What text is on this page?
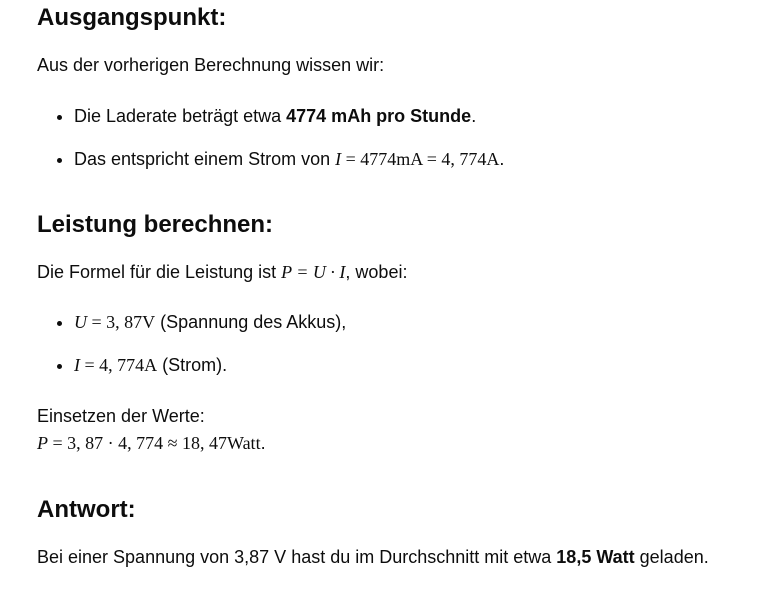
Ausgangspunkt:

Aus der vorherigen Berechnung wissen wir:

• Die Laderate beträgt etwa 4774 mAh pro Stunde.
• Das entspricht einem Strom von I = 4774mA = 4, 774A.
Leistung berechnen:

Die Formel für die Leistung ist P = U · I, wobei:

• U = 3, 87V (Spannung des Akkus),
• I = 4, 774A (Strom).

Einsetzen der Werte:

P = 3, 87 · 4, 774 ≈ 18, 47Watt.

Antwort:

Bei einer Spannung von 3,87 V hast du im Durchschnitt mit etwa 18,5 Watt geladen.
